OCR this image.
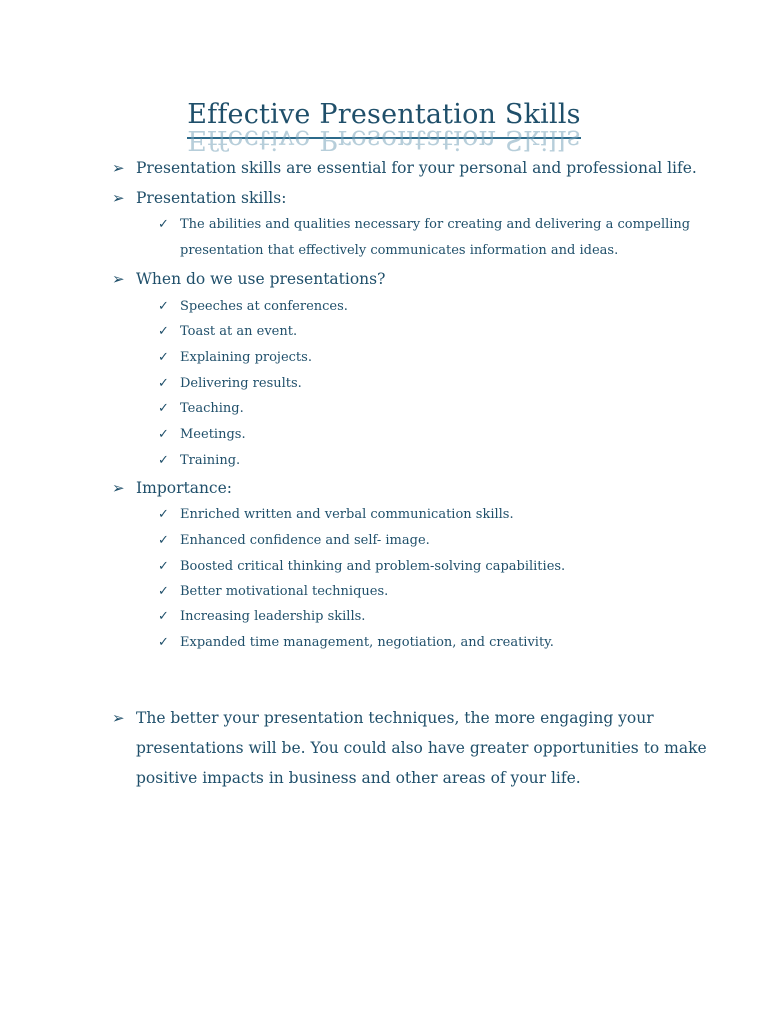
Effective Presentation Skills
Effective Presentation Skills
➢ Presentation skills are essential for your personal and professional life.
➢ Presentation skills:
✓ The abilities and qualities necessary for creating and delivering a compelling
presentation that effectively communicates information and ideas.
➢ When do we use presentations?
✓ Speeches at conferences.
✓ Toast at an event.
✓ Explaining projects.
✓ Delivering results.
✓ Teaching.
✓ Meetings.
✓ Training.
➢ Importance:
✓ Enriched written and verbal communication skills.
✓ Enhanced confidence and self- image.
✓ Boosted critical thinking and problem-solving capabilities.
✓ Better motivational techniques.
✓ Increasing leadership skills.
✓ Expanded time management, negotiation, and creativity.
➢ The better your presentation techniques, the more engaging your
presentations will be. You could also have greater opportunities to make
positive impacts in business and other areas of your life.
